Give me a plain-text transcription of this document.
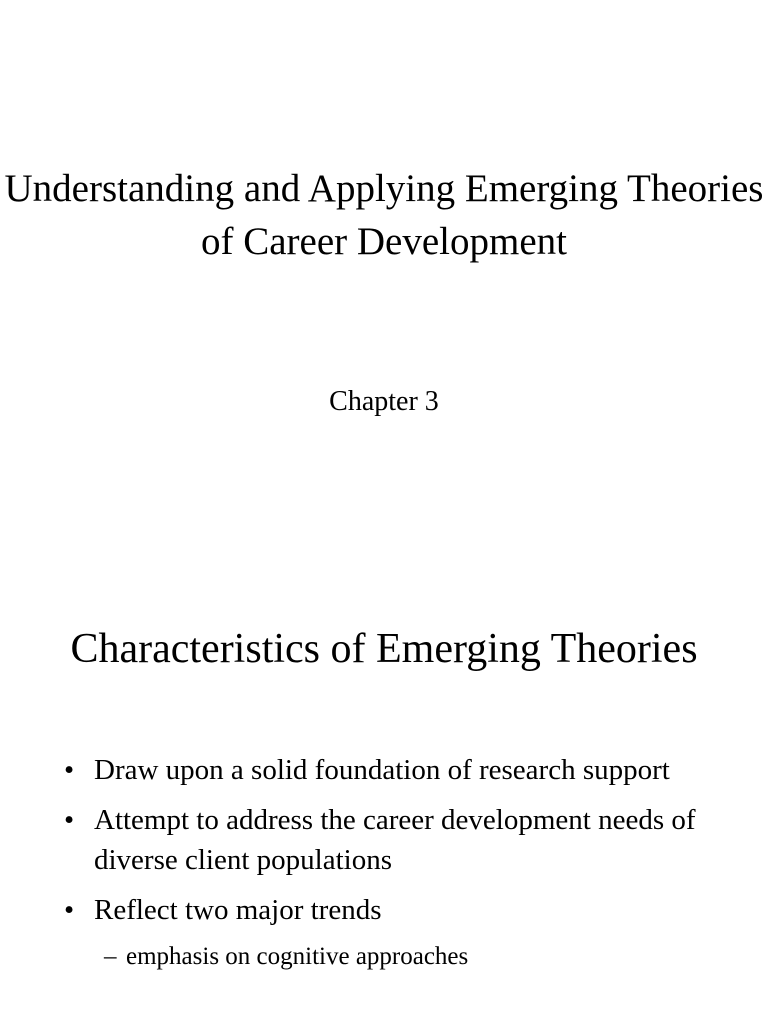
Understanding and Applying Emerging Theories of Career Development

Chapter 3

Characteristics of Emerging Theories
• Draw upon a solid foundation of research support
• Attempt to address the career development needs of diverse client populations
• Reflect two major trends
– emphasis on cognitive approaches
